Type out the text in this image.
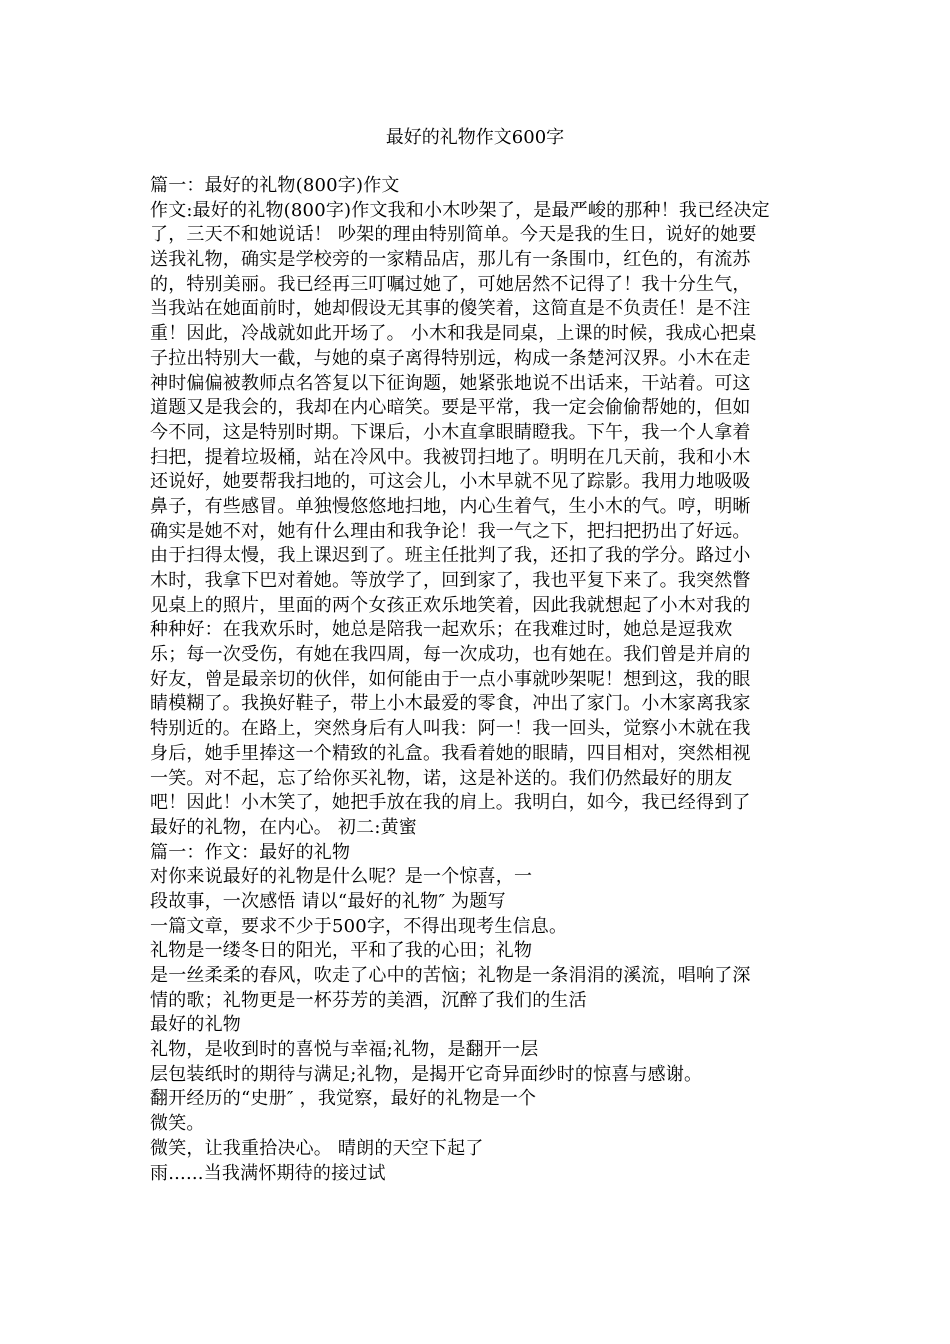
最好的礼物作文600字
篇一：最好的礼物(800字)作文
作文:最好的礼物(800字)作文我和小木吵架了，是最严峻的那种！我已经决定
了，三天不和她说话！ 吵架的理由特别简单。今天是我的生日，说好的她要
送我礼物，确实是学校旁的一家精品店，那儿有一条围巾，红色的，有流苏
的，特别美丽。我已经再三叮嘱过她了，可她居然不记得了！我十分生气，
当我站在她面前时，她却假设无其事的傻笑着，这简直是不负责任！是不注
重！因此，冷战就如此开场了。 小木和我是同桌，上课的时候，我成心把桌
子拉出特别大一截，与她的桌子离得特别远，构成一条楚河汉界。小木在走
神时偏偏被教师点名答复以下征询题，她紧张地说不出话来，干站着。可这
道题又是我会的，我却在内心暗笑。要是平常，我一定会偷偷帮她的，但如
今不同，这是特别时期。下课后，小木直拿眼睛瞪我。下午，我一个人拿着
扫把，提着垃圾桶，站在冷风中。我被罚扫地了。明明在几天前，我和小木
还说好，她要帮我扫地的，可这会儿，小木早就不见了踪影。我用力地吸吸
鼻子，有些感冒。单独慢悠悠地扫地，内心生着气，生小木的气。哼，明晰
确实是她不对，她有什么理由和我争论！我一气之下，把扫把扔出了好远。
由于扫得太慢，我上课迟到了。班主任批判了我，还扣了我的学分。路过小
木时，我拿下巴对着她。等放学了，回到家了，我也平复下来了。我突然瞥
见桌上的照片，里面的两个女孩正欢乐地笑着，因此我就想起了小木对我的
种种好：在我欢乐时，她总是陪我一起欢乐；在我难过时，她总是逗我欢
乐；每一次受伤，有她在我四周，每一次成功，也有她在。我们曾是并肩的
好友，曾是最亲切的伙伴，如何能由于一点小事就吵架呢！想到这，我的眼
睛模糊了。我换好鞋子，带上小木最爱的零食，冲出了家门。小木家离我家
特别近的。在路上，突然身后有人叫我：阿一！我一回头，觉察小木就在我
身后，她手里捧这一个精致的礼盒。我看着她的眼睛，四目相对，突然相视
一笑。对不起，忘了给你买礼物，诺，这是补送的。我们仍然最好的朋友
吧！因此！小木笑了，她把手放在我的肩上。我明白，如今，我已经得到了
最好的礼物，在内心。 初二:黄蜜
篇一：作文：最好的礼物
对你来说最好的礼物是什么呢？是一个惊喜，一
段故事，一次感悟 请以“最好的礼物″ 为题写
一篇文章，要求不少于500字，不得出现考生信息。
礼物是一缕冬日的阳光，平和了我的心田；礼物
是一丝柔柔的春风，吹走了心中的苦恼；礼物是一条涓涓的溪流，唱响了深
情的歌；礼物更是一杯芬芳的美酒，沉醉了我们的生活
最好的礼物
礼物，是收到时的喜悦与幸福;礼物，是翻开一层
层包装纸时的期待与满足;礼物，是揭开它奇异面纱时的惊喜与感谢。
翻开经历的“史册″ ，我觉察，最好的礼物是一个
微笑。
微笑，让我重拾决心。 晴朗的天空下起了
雨......当我满怀期待的接过试
